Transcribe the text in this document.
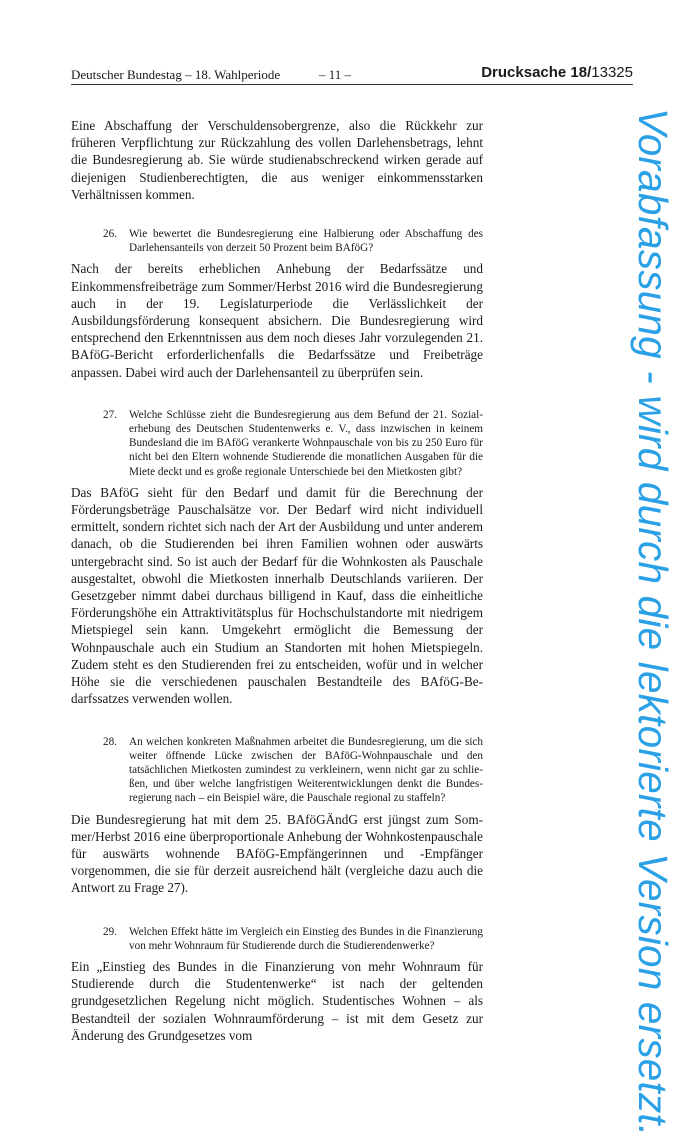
Deutscher Bundestag – 18. Wahlperiode	– 11 –	Drucksache 18/13325

Eine Abschaffung der Verschuldensobergrenze, also die Rückkehr zur früheren Verpflichtung zur Rückzahlung des vollen Darlehensbetrags, lehnt die Bundesregierung ab. Sie würde studienabschreckend wirken gerade auf diejenigen Studienberechtigten, die aus weniger einkommensstarken Verhältnissen kommen.

26.	Wie bewertet die Bundesregierung eine Halbierung oder Abschaffung des Darlehensanteils von derzeit 50 Prozent beim BAföG?

Nach der bereits erheblichen Anhebung der Bedarfssätze und Einkommensfreibeträge zum Sommer/Herbst 2016 wird die Bundesregierung auch in der 19. Legislaturperiode die Verlässlichkeit der Ausbildungsförderung konsequent absichern. Die Bundesregierung wird entsprechend den Erkenntnissen aus dem noch dieses Jahr vorzulegenden 21. BAföG-Bericht erforderlichenfalls die Bedarfssätze und Freibeträge anpassen. Dabei wird auch der Darlehensanteil zu überprüfen sein.

27.	Welche Schlüsse zieht die Bundesregierung aus dem Befund der 21. Sozialerhebung des Deutschen Studentenwerks e. V., dass inzwischen in keinem Bundesland die im BAföG verankerte Wohnpauschale von bis zu 250 Euro für nicht bei den Eltern wohnende Studierende die monatlichen Ausgaben für die Miete deckt und es große regionale Unterschiede bei den Mietkosten gibt?

Das BAföG sieht für den Bedarf und damit für die Berechnung der Förderungsbeträge Pauschalsätze vor. Der Bedarf wird nicht individuell ermittelt, sondern richtet sich nach der Art der Ausbildung und unter anderem danach, ob die Studierenden bei ihren Familien wohnen oder auswärts untergebracht sind. So ist auch der Bedarf für die Wohnkosten als Pauschale ausgestaltet, obwohl die Mietkosten innerhalb Deutschlands variieren. Der Gesetzgeber nimmt dabei durchaus billigend in Kauf, dass die einheitliche Förderungshöhe ein Attraktivitätsplus für Hochschulstandorte mit niedrigem Mietspiegel sein kann. Umgekehrt ermöglicht die Bemessung der Wohnpauschale auch ein Studium an Standorten mit hohen Mietspiegeln. Zudem steht es den Studierenden frei zu entscheiden, wofür und in welcher Höhe sie die verschiedenen pauschalen Bestandteile des BAföG-Bedarfssatzes verwenden wollen.

28.	An welchen konkreten Maßnahmen arbeitet die Bundesregierung, um die sich weiter öffnende Lücke zwischen der BAföG-Wohnpauschale und den tatsächlichen Mietkosten zumindest zu verkleinern, wenn nicht gar zu schließen, und über welche langfristigen Weiterentwicklungen denkt die Bundesregierung nach – ein Beispiel wäre, die Pauschale regional zu staffeln?

Die Bundesregierung hat mit dem 25. BAföGÄndG erst jüngst zum Sommer/Herbst 2016 eine überproportionale Anhebung der Wohnkostenpauschale für auswärts wohnende BAföG-Empfängerinnen und -Empfänger vorgenommen, die sie für derzeit ausreichend hält (vergleiche dazu auch die Antwort zu Frage 27).

29.	Welchen Effekt hätte im Vergleich ein Einstieg des Bundes in die Finanzierung von mehr Wohnraum für Studierende durch die Studierendenwerke?

Ein „Einstieg des Bundes in die Finanzierung von mehr Wohnraum für Studierende durch die Studentenwerke“ ist nach der geltenden grundgesetzlichen Regelung nicht möglich. Studentisches Wohnen – als Bestandteil der sozialen Wohnraumförderung – ist mit dem Gesetz zur Änderung des Grundgesetzes vom	Vorabfassung - wird durch die lektorierte Version ersetzt.
